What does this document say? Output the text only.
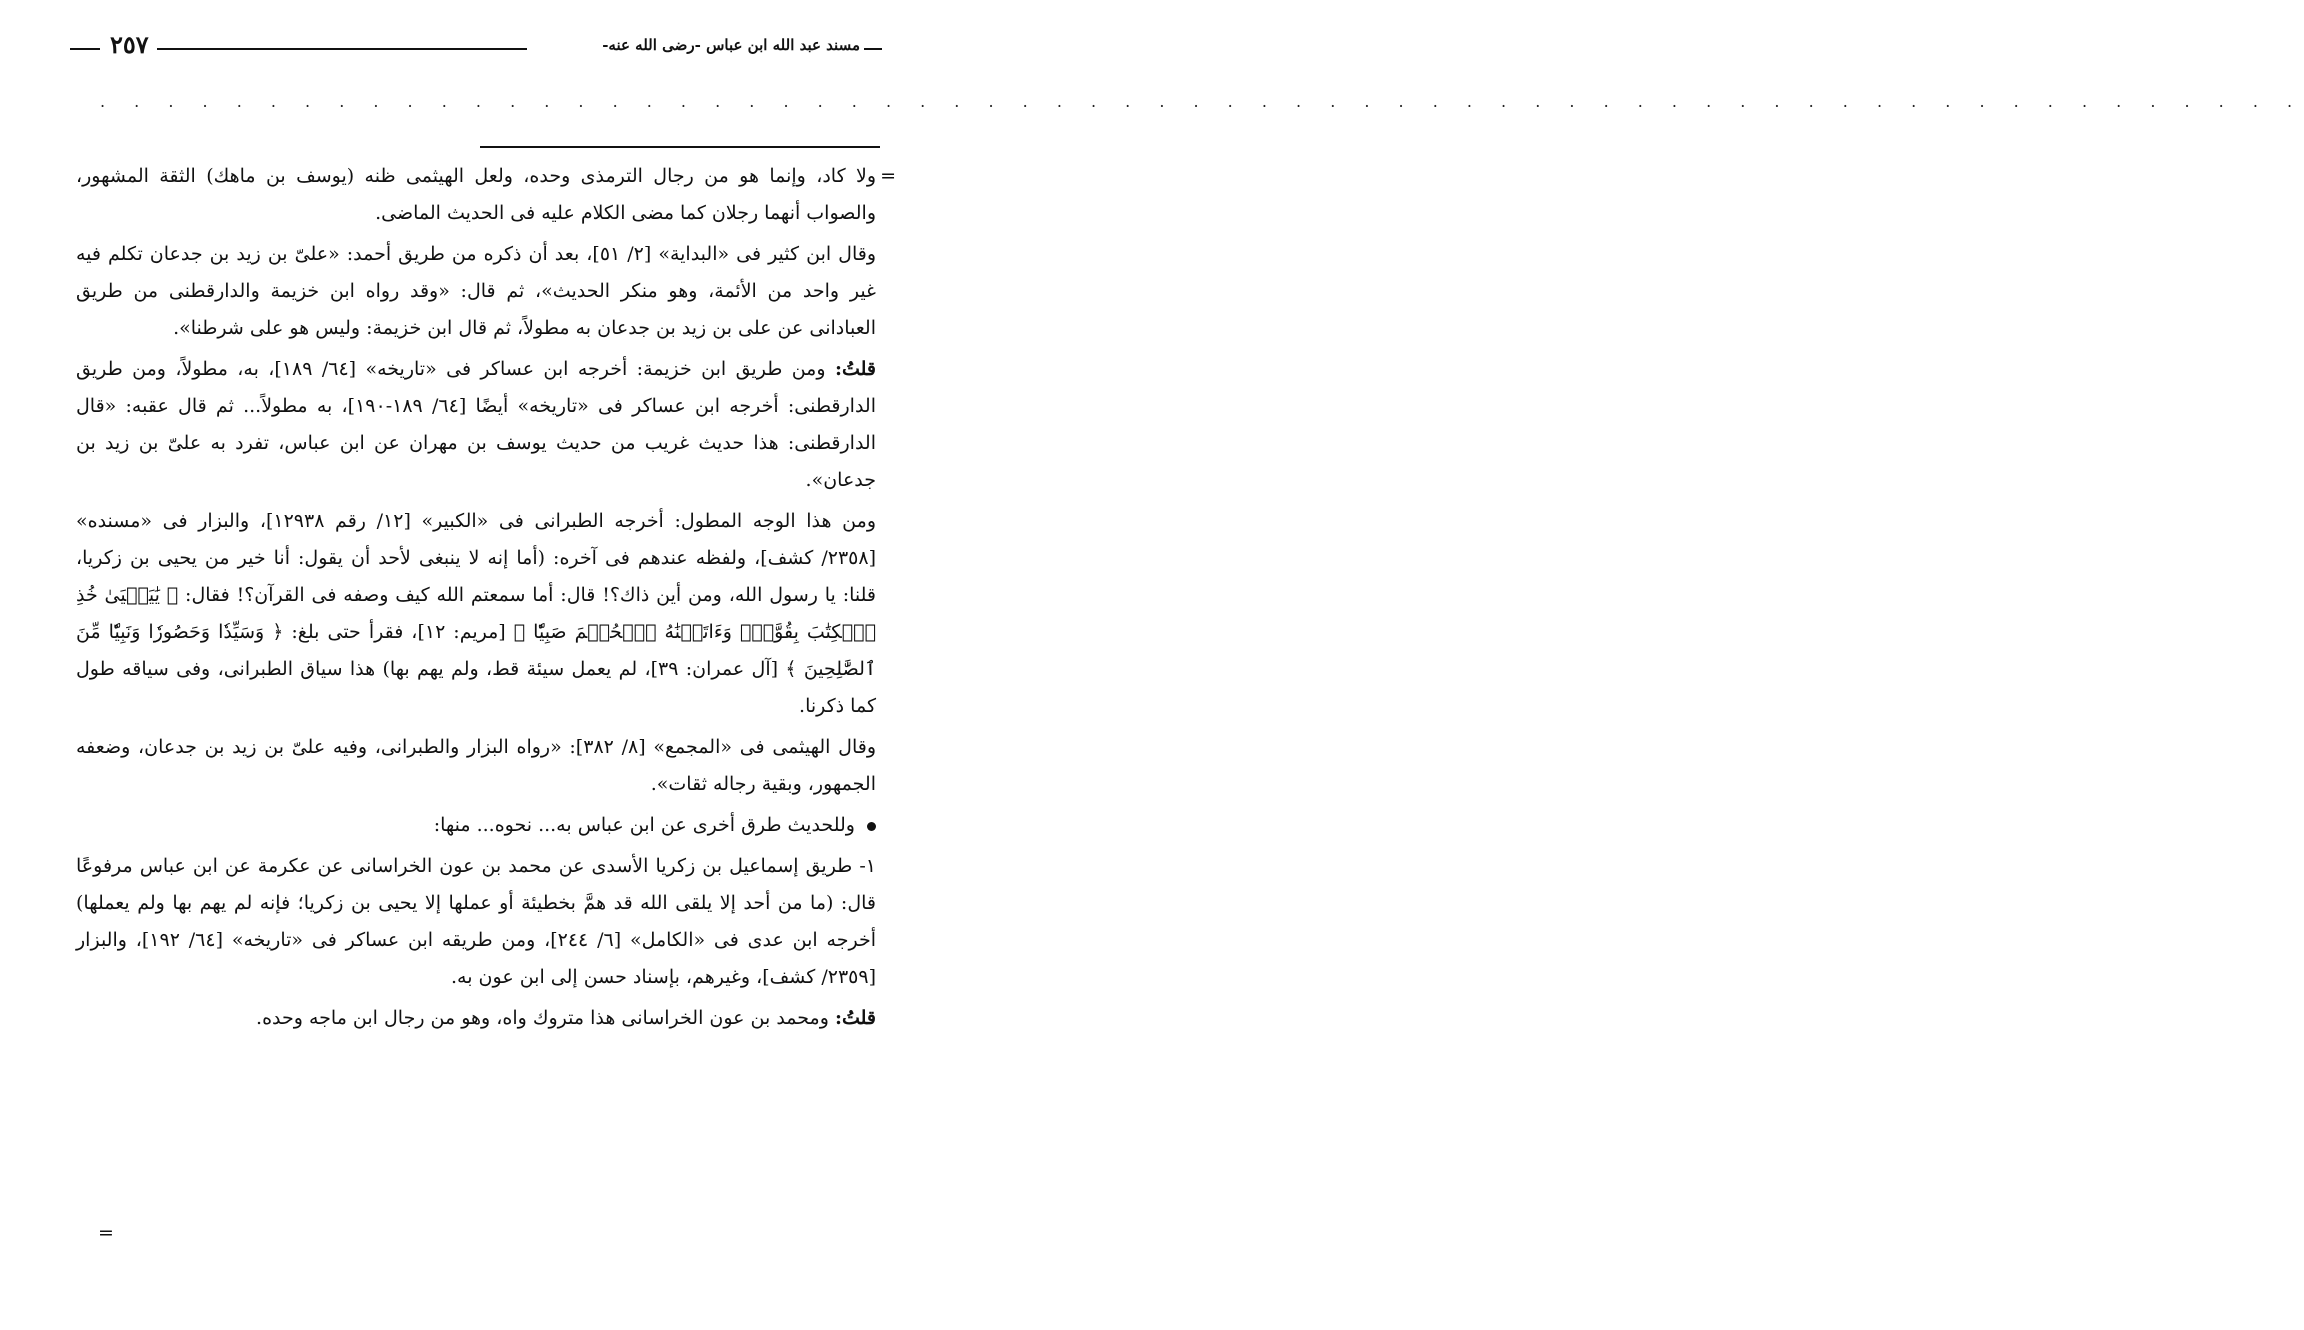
مسند عبد الله ابن عباس -رضى الله عنه-
٢٥٧
. . . . . . . . . . . . . . . . . . . . . . . . . . . . . . . . . . . . . . . . . . . . . . . . . . . . . . . . . . . . . . . . .

=
ولا كاد، وإنما هو من رجال الترمذى وحده، ولعل الهيثمى ظنه (يوسف بن ماهك) الثقة المشهور، والصواب أنهما رجلان كما مضى الكلام عليه فى الحديث الماضى.

وقال ابن كثير فى «البداية» [٢/ ٥١]، بعد أن ذكره من طريق أحمد: «علىّ بن زيد بن جدعان تكلم فيه غير واحد من الأئمة، وهو منكر الحديث»، ثم قال: «وقد رواه ابن خزيمة والدارقطنى من طريق العبادانى عن على بن زيد بن جدعان به مطولاً، ثم قال ابن خزيمة: وليس هو على شرطنا».

قلتُ: ومن طريق ابن خزيمة: أخرجه ابن عساكر فى «تاريخه» [٦٤/ ١٨٩]، به، مطولاً، ومن طريق الدارقطنى: أخرجه ابن عساكر فى «تاريخه» أيضًا [٦٤/ ١٨٩-١٩٠]، به مطولاً... ثم قال عقبه: «قال الدارقطنى: هذا حديث غريب من حديث يوسف بن مهران عن ابن عباس، تفرد به علىّ بن زيد بن جدعان».

ومن هذا الوجه المطول: أخرجه الطبرانى فى «الكبير» [١٢/ رقم ١٢٩٣٨]، والبزار فى «مسنده» [٢٣٥٨/ كشف]، ولفظه عندهم فى آخره: (أما إنه لا ينبغى لأحد أن يقول: أنا خير من يحيى بن زكريا، قلنا: يا رسول الله، ومن أين ذاك؟! قال: أما سمعتم الله كيف وصفه فى القرآن؟! فقال: ﴿ يَٰيَحۡيَىٰ خُذِ ٱلۡكِتَٰبَ بِقُوَّةٖۖ وَءَاتَيۡنَٰهُ ٱلۡحُكۡمَ صَبِيّٗا ﴾ [مريم: ١٢]، فقرأ حتى بلغ: ﴿ وَسَيِّدٗا وَحَصُورٗا وَنَبِيّٗا مِّنَ ٱلصَّٰلِحِينَ ﴾ [آل عمران: ٣٩]، لم يعمل سيئة قط، ولم يهم بها) هذا سياق الطبرانى، وفى سياقه طول كما ذكرنا.

وقال الهيثمى فى «المجمع» [٨/ ٣٨٢]: «رواه البزار والطبرانى، وفيه علىّ بن زيد بن جدعان، وضعفه الجمهور، وبقية رجاله ثقات».

وللحديث طرق أخرى عن ابن عباس به... نحوه... منها:

١- طريق إسماعيل بن زكريا الأسدى عن محمد بن عون الخراسانى عن عكرمة عن ابن عباس مرفوعًا قال: (ما من أحد إلا يلقى الله قد همَّ بخطيئة أو عملها إلا يحيى بن زكريا؛ فإنه لم يهم بها ولم يعملها) أخرجه ابن عدى فى «الكامل» [٦/ ٢٤٤]، ومن طريقه ابن عساكر فى «تاريخه» [٦٤/ ١٩٢]، والبزار [٢٣٥٩/ كشف]، وغيرهم، بإسناد حسن إلى ابن عون به.

قلتُ: ومحمد بن عون الخراسانى هذا متروك واه، وهو من رجال ابن ماجه وحده.

=
